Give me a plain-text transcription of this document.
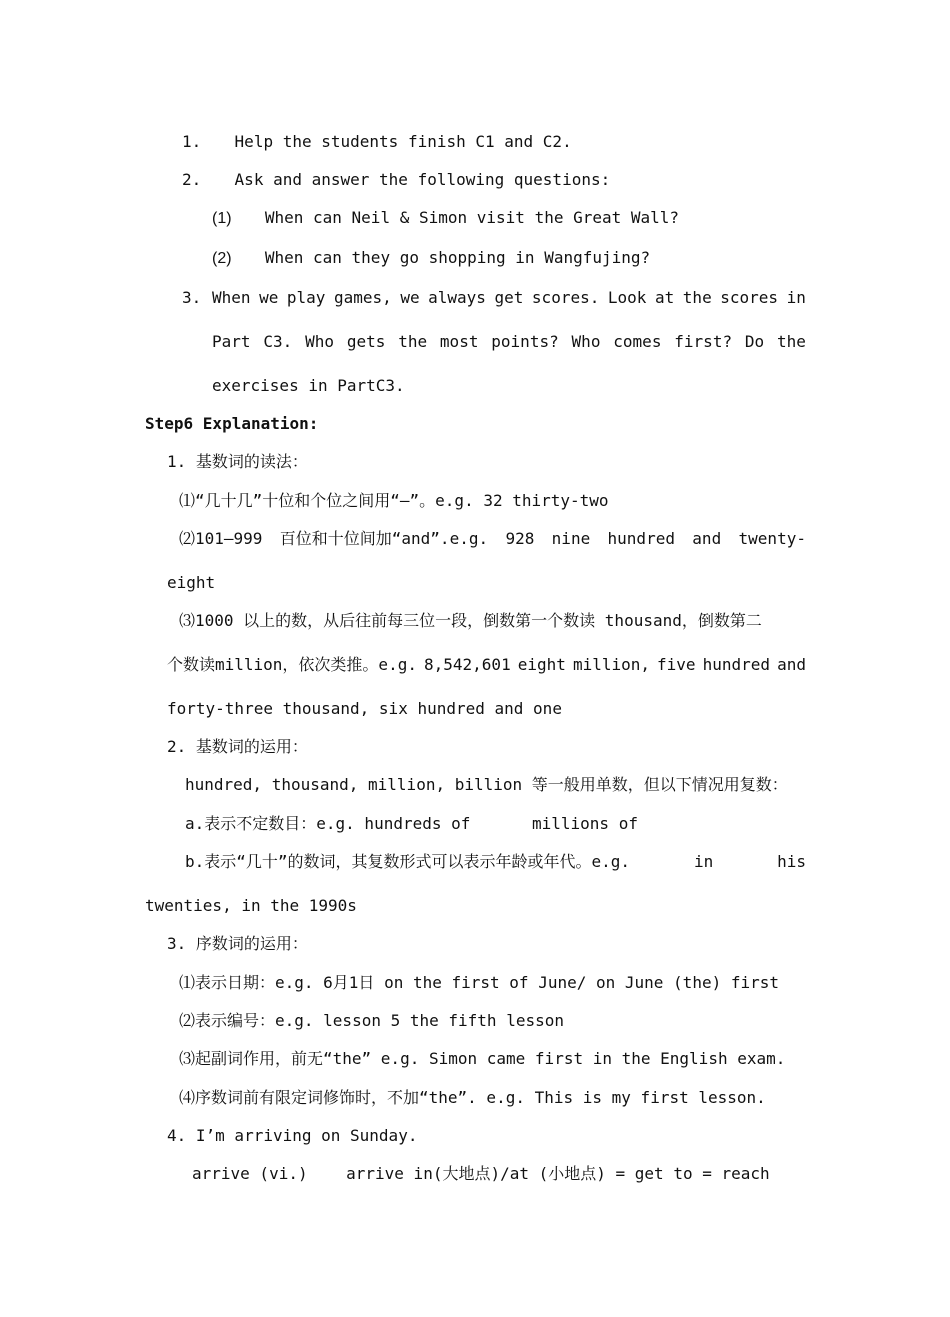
1. Help the students finish C1 and C2.
2. Ask and answer the following questions:
(1) When can Neil & Simon visit the Great Wall?
(2) When can they go shopping in Wangfujing?
3. When we play games, we always get scores. Look at the scores in
Part C3. Who gets the most points? Who comes first? Do the
exercises in PartC3.
Step6 Explanation:
1. 基数词的读法：
⑴“几十几”十位和个位之间用“—”。e.g. 32 thirty-two
⑵101—999 百位和十位间加“and”.e.g. 928 nine hundred and twenty-
eight
⑶1000 以上的数，从后往前每三位一段，倒数第一个数读 thousand，倒数第二
个数读million，依次类推。e.g. 8,542,601 eight million, five hundred and
forty-three thousand, six hundred and one
2. 基数词的运用：
hundred, thousand, million, billion 等一般用单数，但以下情况用复数：
a.表示不定数目：e.g. hundreds of	millions of
b.表示“几十”的数词，其复数形式可以表示年龄或年代。e.g.	in	his
twenties, in the 1990s
3. 序数词的运用：
⑴表示日期：e.g. 6月1日 on the first of June/ on June (the) first
⑵表示编号：e.g. lesson 5 the fifth lesson
⑶起副词作用，前无“the” e.g. Simon came first in the English exam.
⑷序数词前有限定词修饰时，不加“the”. e.g. This is my first lesson.
4. I’m arriving on Sunday.
arrive (vi.)    arrive in(大地点)/at (小地点) = get to = reach
